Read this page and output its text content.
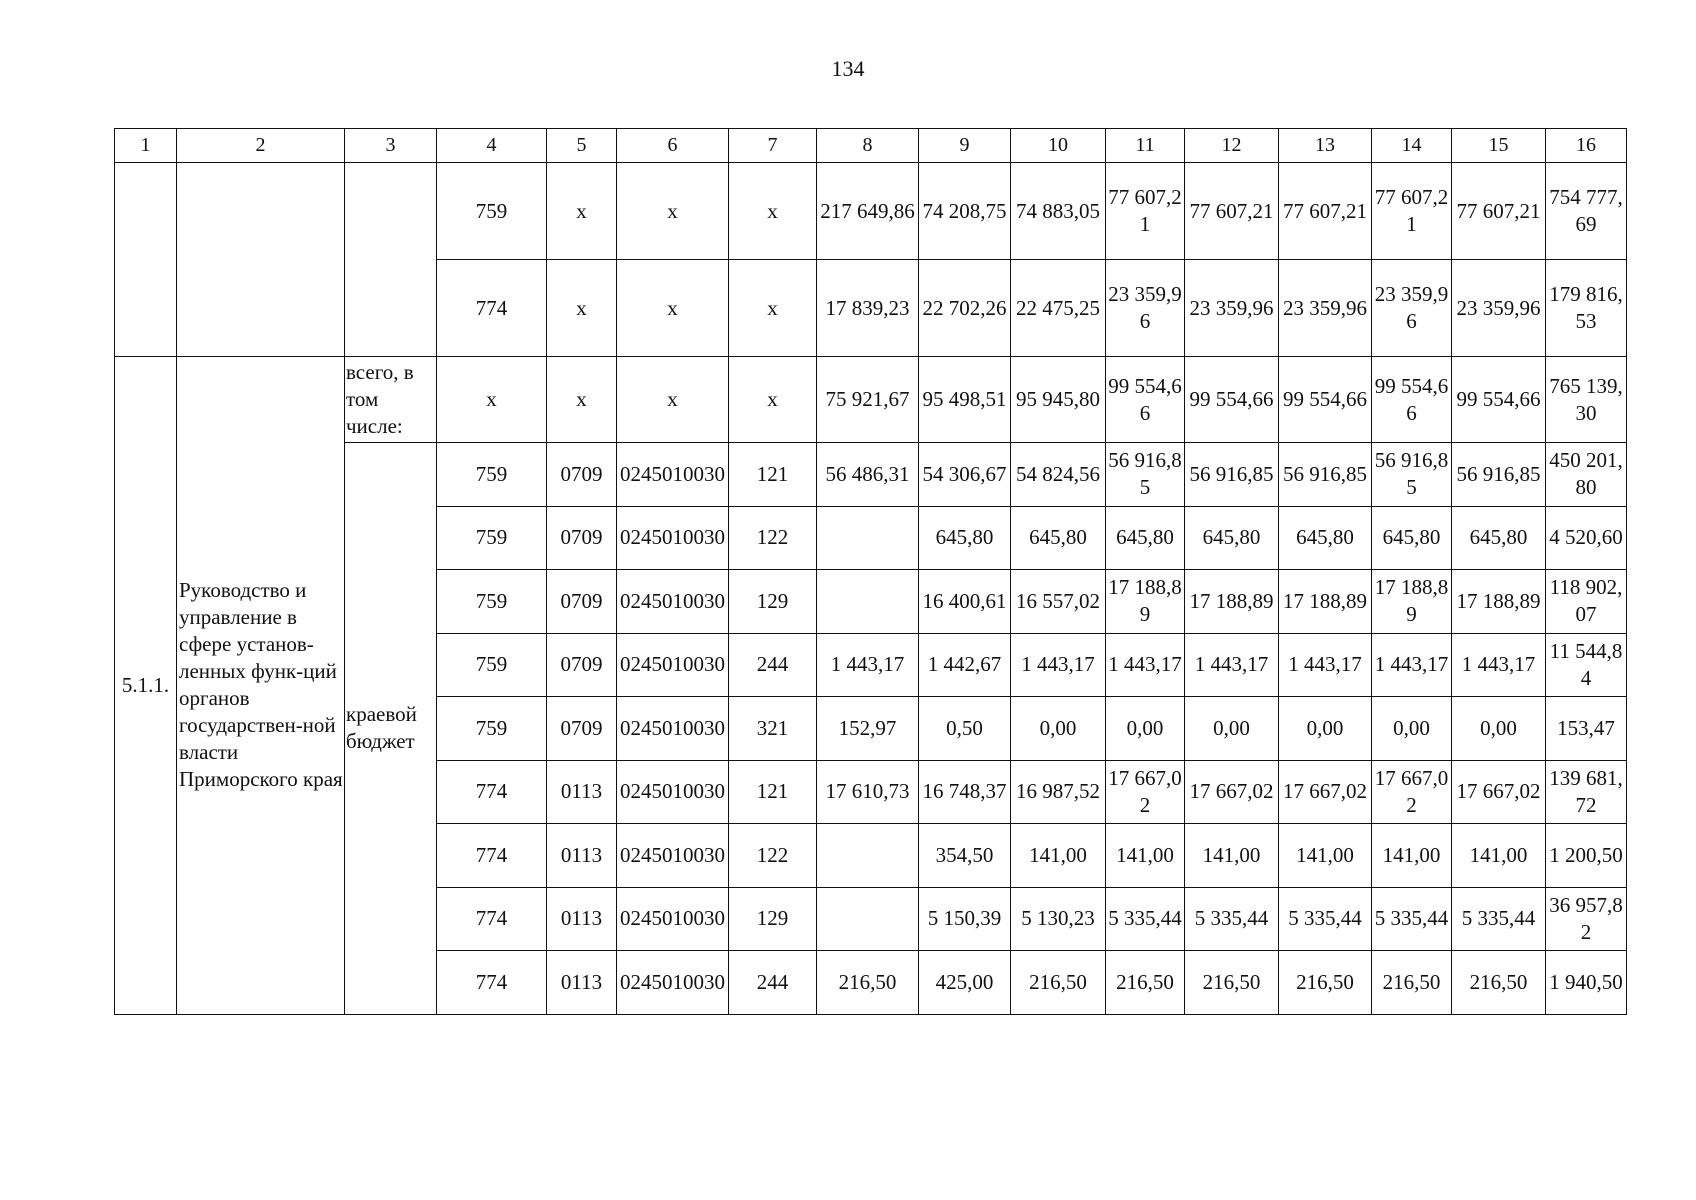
134
1	2	3	4	5	6	7	8	9	10	11	12	13	14	15	16
			759	x	x	x	217 649,86	74 208,75	74 883,05	77 607,21	77 607,21	77 607,21	77 607,21	77 607,21	754 777,69
			774	x	x	x	17 839,23	22 702,26	22 475,25	23 359,96	23 359,96	23 359,96	23 359,96	23 359,96	179 816,53
5.1.1.	Руководство и управление в сфере установ-ленных функ-ций органов государствен-ной власти Приморского края	всего, в том числе:	x	x	x	x	75 921,67	95 498,51	95 945,80	99 554,66	99 554,66	99 554,66	99 554,66	99 554,66	765 139,30
		краевой бюджет	759	0709	0245010030	121	56 486,31	54 306,67	54 824,56	56 916,85	56 916,85	56 916,85	56 916,85	56 916,85	450 201,80
			759	0709	0245010030	122		645,80	645,80	645,80	645,80	645,80	645,80	645,80	4 520,60
			759	0709	0245010030	129		16 400,61	16 557,02	17 188,89	17 188,89	17 188,89	17 188,89	17 188,89	118 902,07
			759	0709	0245010030	244	1 443,17	1 442,67	1 443,17	1 443,17	1 443,17	1 443,17	1 443,17	1 443,17	11 544,84
			759	0709	0245010030	321	152,97	0,50	0,00	0,00	0,00	0,00	0,00	0,00	153,47
			774	0113	0245010030	121	17 610,73	16 748,37	16 987,52	17 667,02	17 667,02	17 667,02	17 667,02	17 667,02	139 681,72
			774	0113	0245010030	122		354,50	141,00	141,00	141,00	141,00	141,00	141,00	1 200,50
			774	0113	0245010030	129		5 150,39	5 130,23	5 335,44	5 335,44	5 335,44	5 335,44	5 335,44	36 957,82
			774	0113	0245010030	244	216,50	425,00	216,50	216,50	216,50	216,50	216,50	216,50	1 940,50
